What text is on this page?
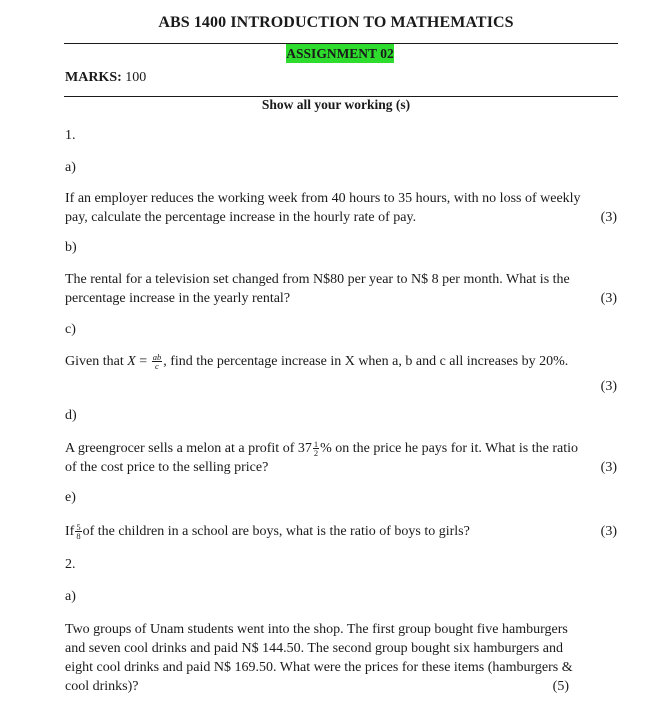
ABS 1400 INTRODUCTION TO MATHEMATICS
ASSIGNMENT 02
MARKS: 100
Show all your working (s)
1.
a)
If an employer reduces the working week from 40 hours to 35 hours, with no loss of weekly
pay, calculate the percentage increase in the hourly rate of pay.	(3)
b)
The rental for a television set changed from N$80 per year to N$ 8 per month. What is the
percentage increase in the yearly rental?	(3)
c)
Given that $X = \frac{ab}{c}$ , find the percentage increase in X when a, b and c all increases by 20%.
(3)
d)
A greengrocer sells a melon at a profit of $37 \frac{1}{2}$ % on the price he pays for it. What is the ratio
of the cost price to the selling price?	(3)
e)
If $\frac{5}{8}$ of the children in a school are boys, what is the ratio of boys to girls?	(3)
2.
a)
Two groups of Unam students went into the shop. The first group bought five hamburgers
and seven cool drinks and paid N$ 144.50. The second group bought six hamburgers and
eight cool drinks and paid N$ 169.50. What were the prices for these items (hamburgers &
cool drinks)?	(5)
